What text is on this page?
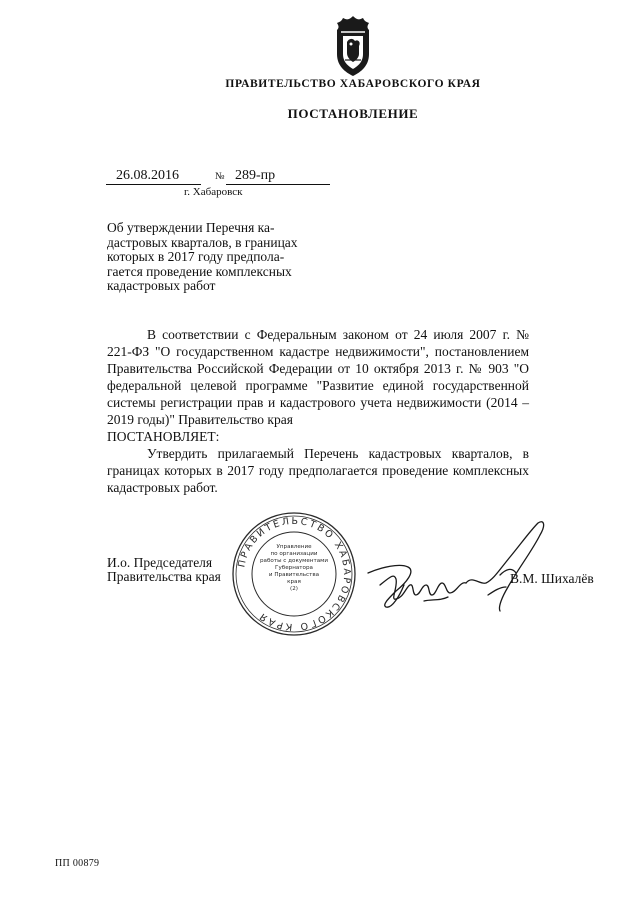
ПРАВИТЕЛЬСТВО ХАБАРОВСКОГО КРАЯ
ПОСТАНОВЛЕНИЕ
26.08.2016	№ 289-пр
г. Хабаровск
Об утверждении Перечня ка-
дастровых кварталов, в границах
которых в 2017 году предпола-
гается проведение комплексных
кадастровых работ

В соответствии с Федеральным законом от 24 июля 2007 г. № 221-ФЗ "О государственном кадастре недвижимости", постановлением Правительства Российской Федерации от 10 октября 2013 г. № 903 "О федеральной целевой программе "Развитие единой государственной системы регистрации прав и кадастрового учета недвижимости (2014 – 2019 годы)" Правительство края

ПОСТАНОВЛЯЕТ:

Утвердить прилагаемый Перечень кадастровых кварталов, в границах которых в 2017 году предполагается проведение комплексных кадастровых работ.

И.о. Председателя
Правительства края
ПРАВИТЕЛЬСТВО ХАБАРОВСКОГО КРАЯ
Управление
по организации
работы с документами
Губернатора
и Правительства
края
(2)
В.М. Шихалёв
ПП 00879
